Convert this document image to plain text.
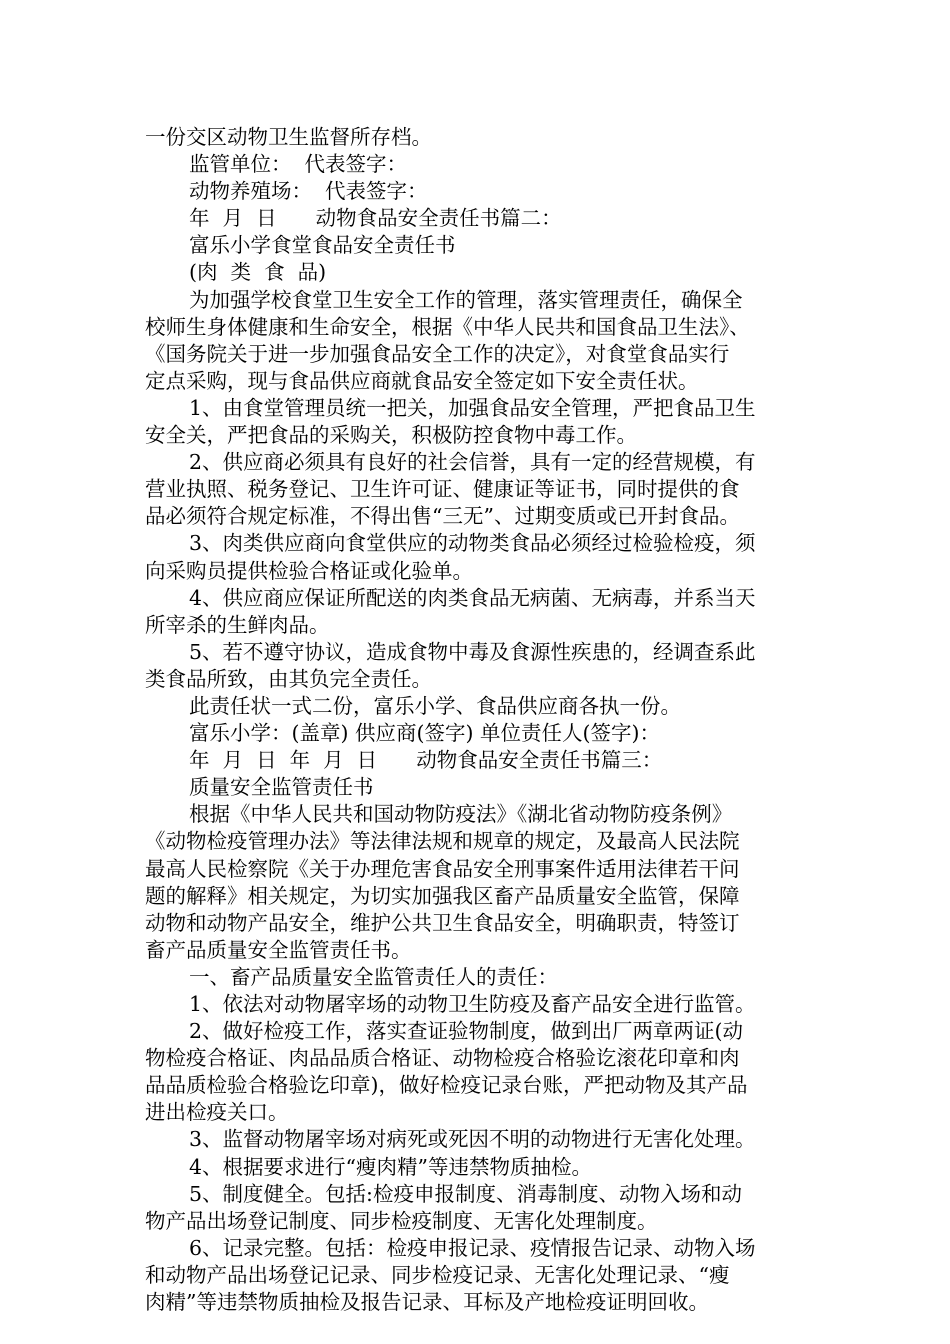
一份交区动物卫生监督所存档。
监管单位：  代表签字：
动物养殖场：  代表签字：
年  月  日      动物食品安全责任书篇二：
富乐小学食堂食品安全责任书
(肉  类  食  品)
为加强学校食堂卫生安全工作的管理，落实管理责任，确保全
校师生身体健康和生命安全，根据《中华人民共和国食品卫生法》、
《国务院关于进一步加强食品安全工作的决定》，对食堂食品实行
定点采购，现与食品供应商就食品安全签定如下安全责任状。
1、由食堂管理员统一把关，加强食品安全管理，严把食品卫生
安全关，严把食品的采购关，积极防控食物中毒工作。
2、供应商必须具有良好的社会信誉，具有一定的经营规模，有
营业执照、税务登记、卫生许可证、健康证等证书，同时提供的食
品必须符合规定标准，不得出售“三无”、过期变质或已开封食品。
3、肉类供应商向食堂供应的动物类食品必须经过检验检疫，须
向采购员提供检验合格证或化验单。
4、供应商应保证所配送的肉类食品无病菌、无病毒，并系当天
所宰杀的生鲜肉品。
5、若不遵守协议，造成食物中毒及食源性疾患的，经调查系此
类食品所致，由其负完全责任。
此责任状一式二份，富乐小学、食品供应商各执一份。
富乐小学：(盖章) 供应商(签字) 单位责任人(签字)：
年  月  日  年  月  日      动物食品安全责任书篇三：
质量安全监管责任书
根据《中华人民共和国动物防疫法》《湖北省动物防疫条例》
《动物检疫管理办法》等法律法规和规章的规定，及最高人民法院
最高人民检察院《关于办理危害食品安全刑事案件适用法律若干问
题的解释》相关规定，为切实加强我区畜产品质量安全监管，保障
动物和动物产品安全，维护公共卫生食品安全，明确职责，特签订
畜产品质量安全监管责任书。
一、畜产品质量安全监管责任人的责任：
1、依法对动物屠宰场的动物卫生防疫及畜产品安全进行监管。
2、做好检疫工作，落实查证验物制度，做到出厂两章两证(动
物检疫合格证、肉品品质合格证、动物检疫合格验讫滚花印章和肉
品品质检验合格验讫印章)，做好检疫记录台账，严把动物及其产品
进出检疫关口。
3、监督动物屠宰场对病死或死因不明的动物进行无害化处理。
4、根据要求进行“瘦肉精”等违禁物质抽检。
5、制度健全。包括:检疫申报制度、消毒制度、动物入场和动
物产品出场登记制度、同步检疫制度、无害化处理制度。
6、记录完整。包括：检疫申报记录、疫情报告记录、动物入场
和动物产品出场登记记录、同步检疫记录、无害化处理记录、“瘦
肉精”等违禁物质抽检及报告记录、耳标及产地检疫证明回收。
